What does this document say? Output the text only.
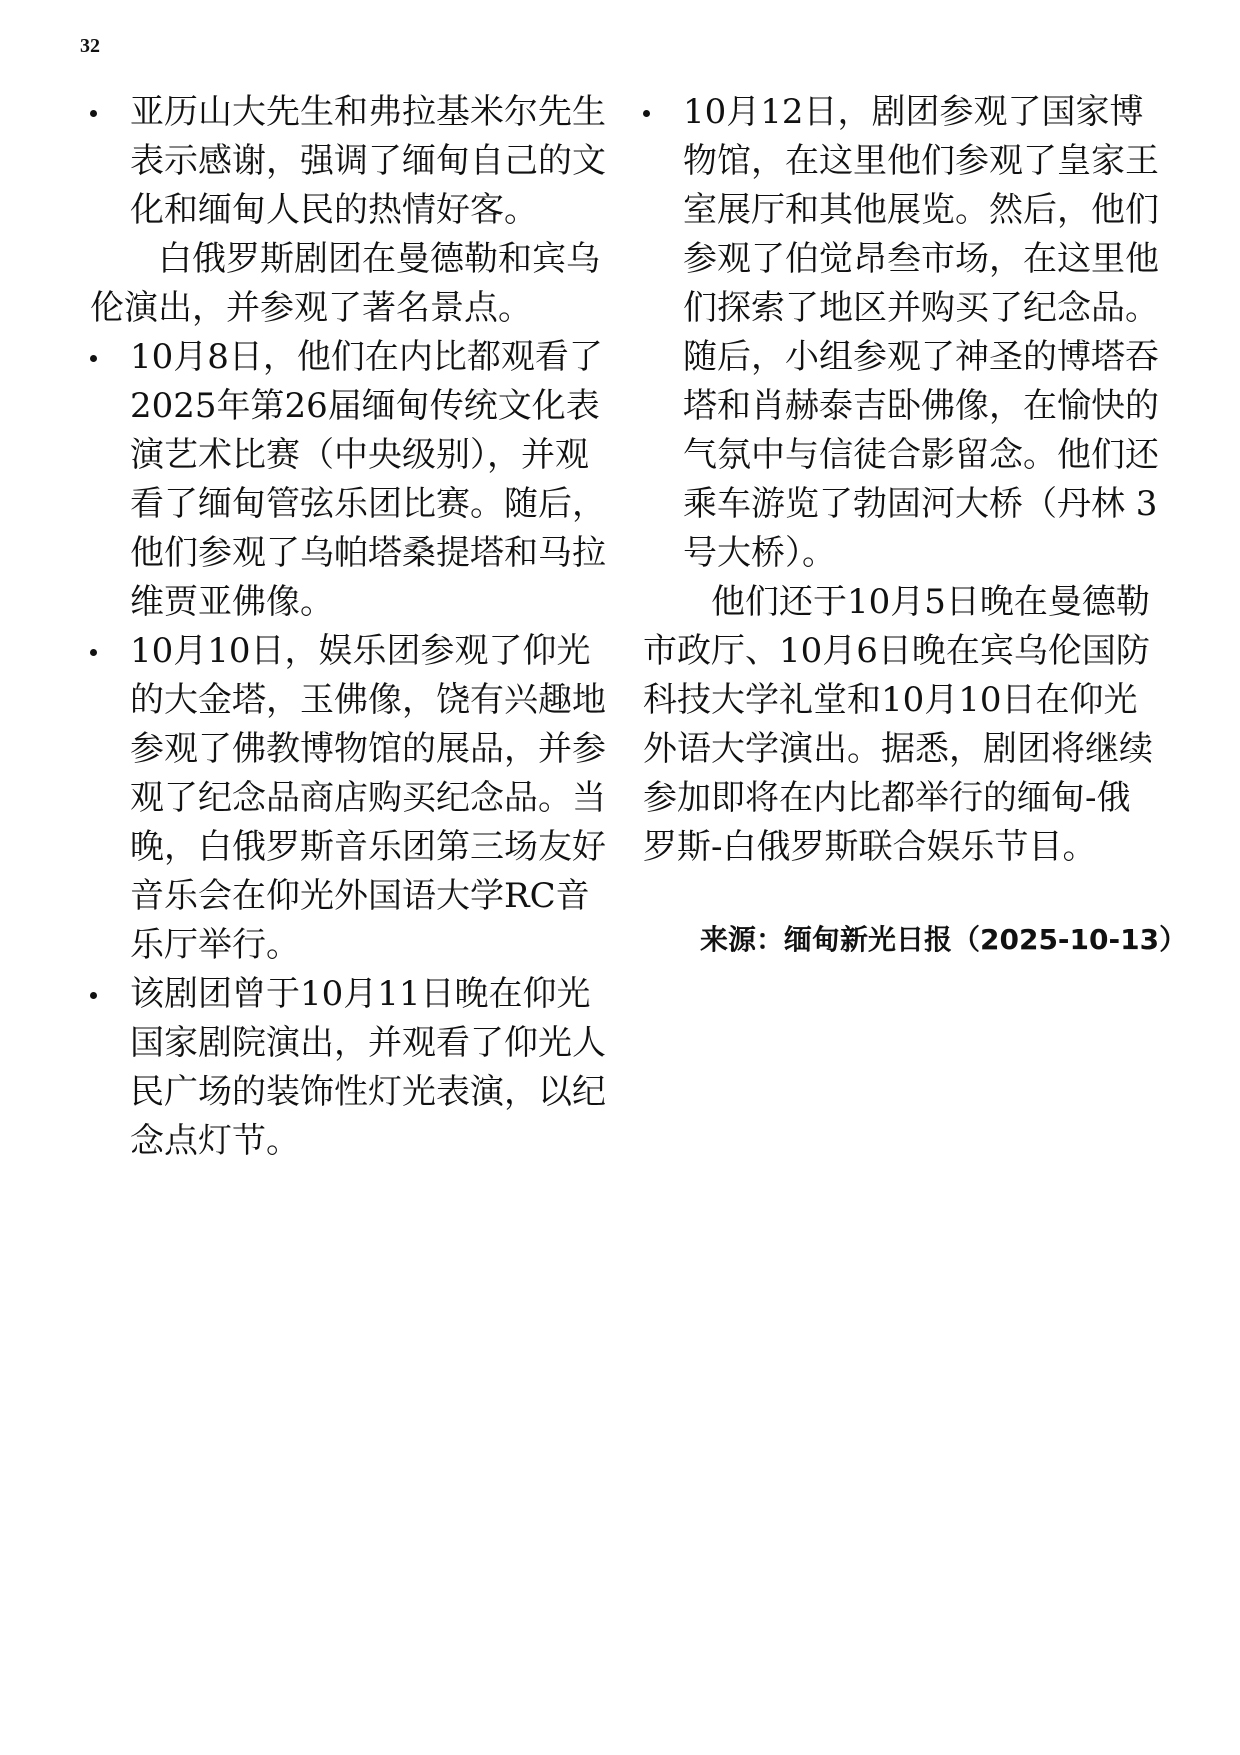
32
亚历山大先生和弗拉基米尔先生表示感谢，强调了缅甸自己的文化和缅甸人民的热情好客。

白俄罗斯剧团在曼德勒和宾乌伦演出，并参观了著名景点。

10月8日，他们在内比都观看了2025年第26届缅甸传统文化表演艺术比赛（中央级别），并观看了缅甸管弦乐团比赛。随后，他们参观了乌帕塔桑提塔和马拉维贾亚佛像。
10月10日，娱乐团参观了仰光的大金塔，玉佛像，饶有兴趣地参观了佛教博物馆的展品，并参观了纪念品商店购买纪念品。当晚，白俄罗斯音乐团第三场友好音乐会在仰光外国语大学RC音乐厅举行。
该剧团曾于10月11日晚在仰光国家剧院演出，并观看了仰光人民广场的装饰性灯光表演，以纪念点灯节。
10月12日，剧团参观了国家博物馆，在这里他们参观了皇家王室展厅和其他展览。然后，他们参观了伯觉昂叁市场，在这里他们探索了地区并购买了纪念品。随后，小组参观了神圣的博塔吞塔和肖赫泰吉卧佛像，在愉快的气氛中与信徒合影留念。他们还乘车游览了勃固河大桥（丹林 3号大桥）。

他们还于10月5日晚在曼德勒市政厅、10月6日晚在宾乌伦国防科技大学礼堂和10月10日在仰光外语大学演出。据悉，剧团将继续参加即将在内比都举行的缅甸-俄罗斯-白俄罗斯联合娱乐节目。

来源：缅甸新光日报（2025-10-13）
